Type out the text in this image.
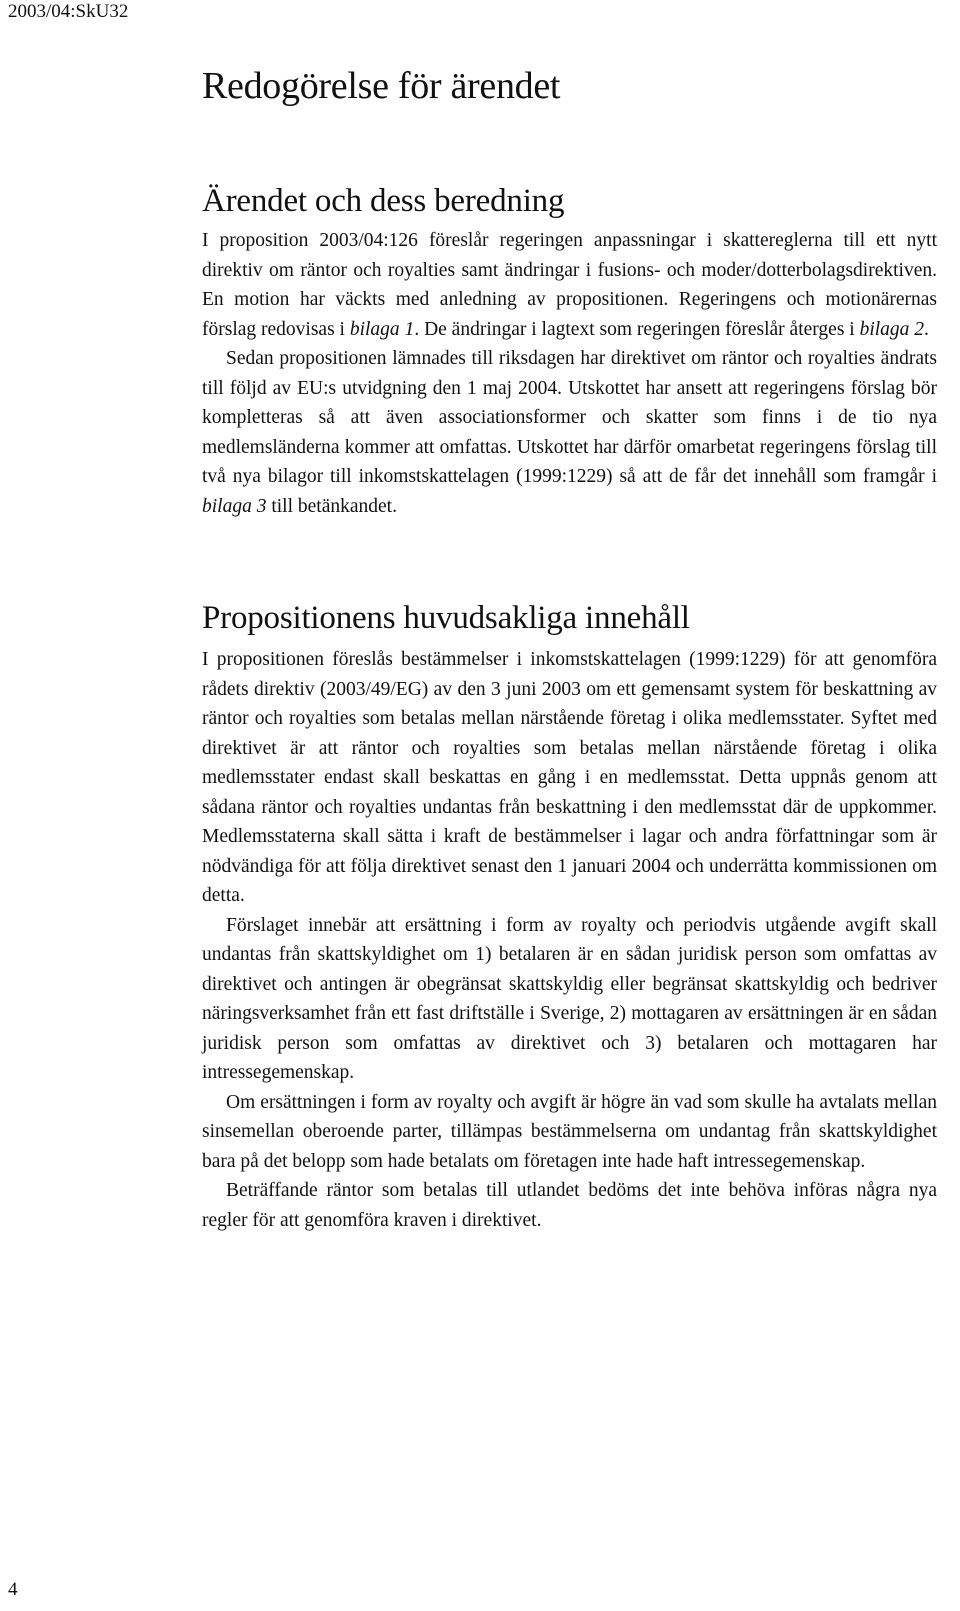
2003/04:SkU32
Redogörelse för ärendet
Ärendet och dess beredning

I proposition 2003/04:126 föreslår regeringen anpassningar i skattereglerna till ett nytt direktiv om räntor och royalties samt ändringar i fusions- och moder/dotterbolagsdirektiven. En motion har väckts med anledning av propositionen. Regeringens och motionärernas förslag redovisas i bilaga 1. De ändringar i lagtext som regeringen föreslår återges i bilaga 2.

Sedan propositionen lämnades till riksdagen har direktivet om räntor och royalties ändrats till följd av EU:s utvidgning den 1 maj 2004. Utskottet har ansett att regeringens förslag bör kompletteras så att även associationsformer och skatter som finns i de tio nya medlemsländerna kommer att omfattas. Utskottet har därför omarbetat regeringens förslag till två nya bilagor till inkomstskattelagen (1999:1229) så att de får det innehåll som framgår i bilaga 3 till betänkandet.

Propositionens huvudsakliga innehåll

I propositionen föreslås bestämmelser i inkomstskattelagen (1999:1229) för att genomföra rådets direktiv (2003/49/EG) av den 3 juni 2003 om ett gemensamt system för beskattning av räntor och royalties som betalas mellan närstående företag i olika medlemsstater. Syftet med direktivet är att räntor och royalties som betalas mellan närstående företag i olika medlemsstater endast skall beskattas en gång i en medlemsstat. Detta uppnås genom att sådana räntor och royalties undantas från beskattning i den medlemsstat där de uppkommer. Medlemsstaterna skall sätta i kraft de bestämmelser i lagar och andra författningar som är nödvändiga för att följa direktivet senast den 1 januari 2004 och underrätta kommissionen om detta.

Förslaget innebär att ersättning i form av royalty och periodvis utgående avgift skall undantas från skattskyldighet om 1) betalaren är en sådan juridisk person som omfattas av direktivet och antingen är obegränsat skattskyldig eller begränsat skattskyldig och bedriver näringsverksamhet från ett fast driftställe i Sverige, 2) mottagaren av ersättningen är en sådan juridisk person som omfattas av direktivet och 3) betalaren och mottagaren har intressegemenskap.

Om ersättningen i form av royalty och avgift är högre än vad som skulle ha avtalats mellan sinsemellan oberoende parter, tillämpas bestämmelserna om undantag från skattskyldighet bara på det belopp som hade betalats om företagen inte hade haft intressegemenskap.

Beträffande räntor som betalas till utlandet bedöms det inte behöva införas några nya regler för att genomföra kraven i direktivet.

4
